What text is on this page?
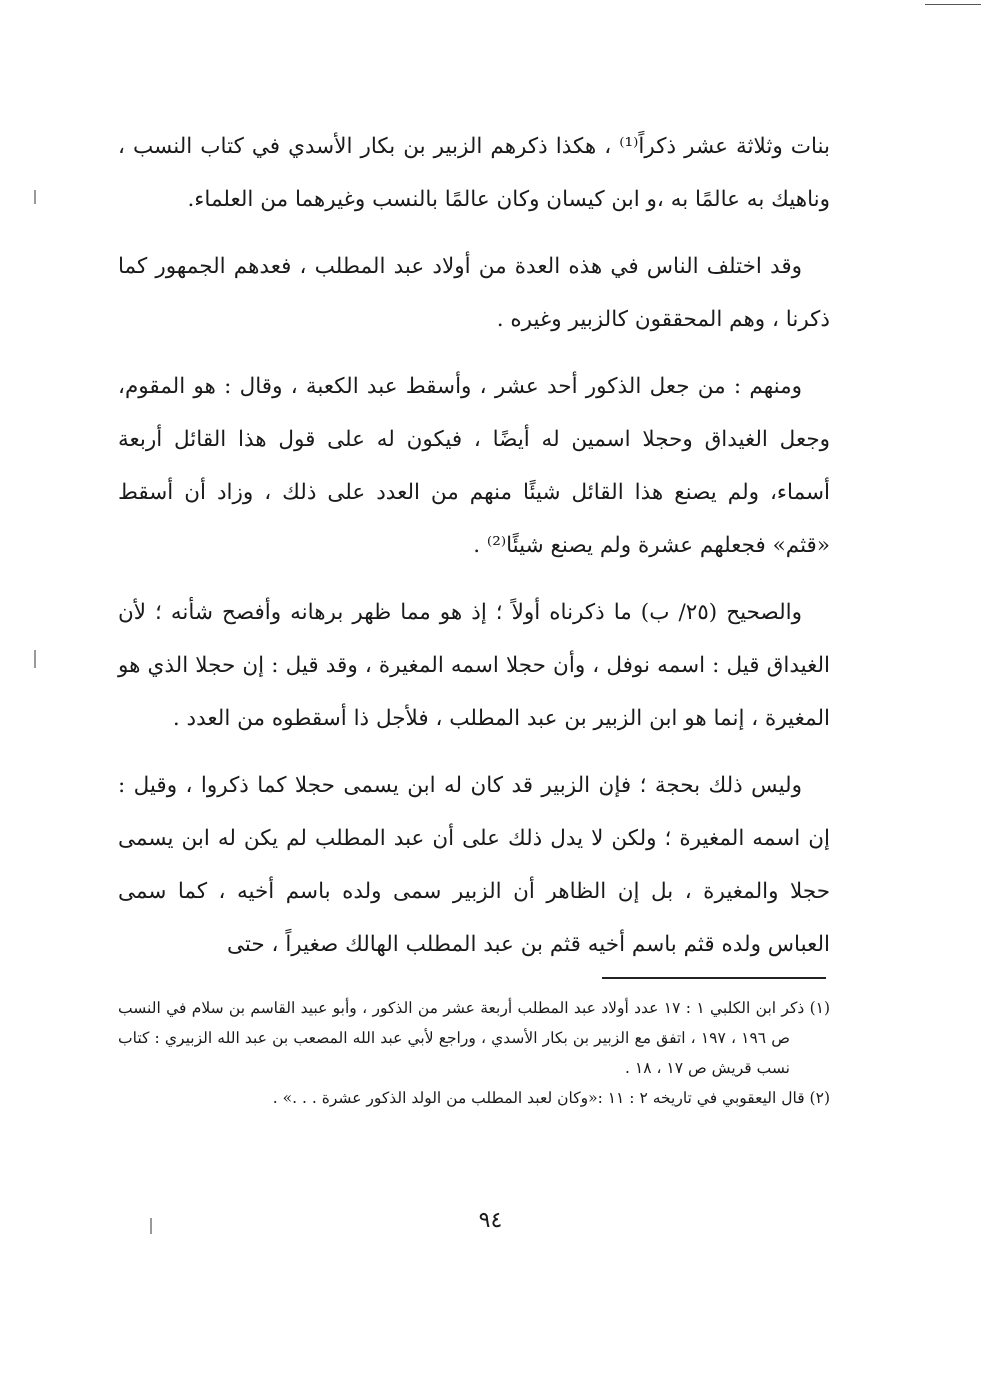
بنات وثلاثة عشر ذكراً⁽¹⁾ ، هكذا ذكرهم الزبير بن بكار الأسدي في كتاب النسب ، وناهيك به عالمًا به ،و ابن كيسان وكان عالمًا بالنسب وغيرهما من العلماء.

وقد اختلف الناس في هذه العدة من أولاد عبد المطلب ، فعدهم الجمهور كما ذكرنا ، وهم المحققون كالزبير وغيره .

ومنهم : من جعل الذكور أحد عشر ، وأسقط عبد الكعبة ، وقال : هو المقوم، وجعل الغيداق وحجلا اسمين له أيضًا ، فيكون له على قول هذا القائل أربعة أسماء، ولم يصنع هذا القائل شيئًا منهم من العدد على ذلك ، وزاد أن أسقط «قثم» فجعلهم عشرة ولم يصنع شيئًا⁽²⁾ .

والصحيح (٢٥/ ب) ما ذكرناه أولاً ؛ إذ هو مما ظهر برهانه وأفصح شأنه ؛ لأن الغيداق قيل : اسمه نوفل ، وأن حجلا اسمه المغيرة ، وقد قيل : إن حجلا الذي هو المغيرة ، إنما هو ابن الزبير بن عبد المطلب ، فلأجل ذا أسقطوه من العدد .

وليس ذلك بحجة ؛ فإن الزبير قد كان له ابن يسمى حجلا كما ذكروا ، وقيل : إن اسمه المغيرة ؛ ولكن لا يدل ذلك على أن عبد المطلب لم يكن له ابن يسمى حجلا والمغيرة ، بل إن الظاهر أن الزبير سمى ولده باسم أخيه ، كما سمى العباس ولده قثم باسم أخيه قثم بن عبد المطلب الهالك صغيراً ، حتى

(١) ذكر ابن الكلبي ١ : ١٧ عدد أولاد عبد المطلب أربعة عشر من الذكور ، وأبو عبيد القاسم بن سلام في النسب ص ١٩٦ ، ١٩٧ ، اتفق مع الزبير بن بكار الأسدي ، وراجع لأبي عبد الله المصعب بن عبد الله الزبيري : كتاب نسب قريش ص ١٧ ، ١٨ .

(٢) قال اليعقوبي في تاريخه ٢ : ١١ :«وكان لعبد المطلب من الولد الذكور عشرة . . .» .

٩٤
